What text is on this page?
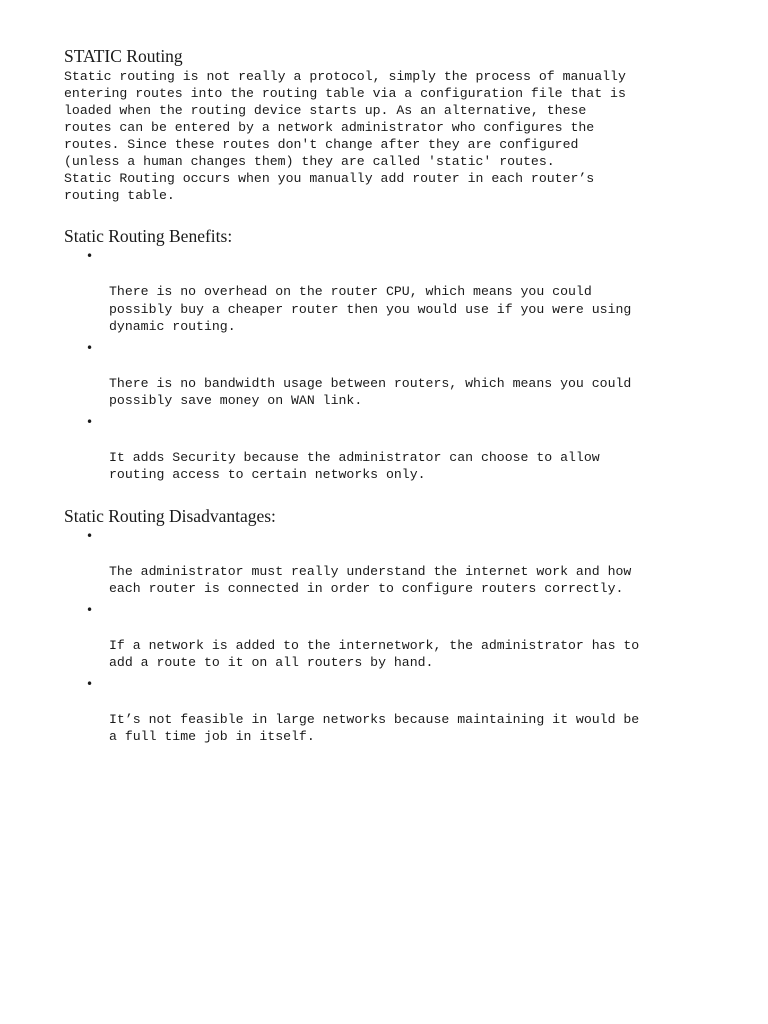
STATIC Routing

Static routing is not really a protocol, simply the process of manually
entering routes into the routing table via a configuration file that is
loaded when the routing device starts up. As an alternative, these
routes can be entered by a network administrator who configures the
routes. Since these routes don't change after they are configured
(unless a human changes them) they are called 'static' routes.
Static Routing occurs when you manually add router in each router’s
routing table.

Static Routing Benefits:

•

There is no overhead on the router CPU, which means you could
possibly buy a cheaper router then you would use if you were using
dynamic routing.

•

There is no bandwidth usage between routers, which means you could
possibly save money on WAN link.

•

It adds Security because the administrator can choose to allow
routing access to certain networks only.

Static Routing Disadvantages:

•

The administrator must really understand the internet work and how
each router is connected in order to configure routers correctly.

•

If a network is added to the internetwork, the administrator has to
add a route to it on all routers by hand.

•

It’s not feasible in large networks because maintaining it would be
a full time job in itself.
